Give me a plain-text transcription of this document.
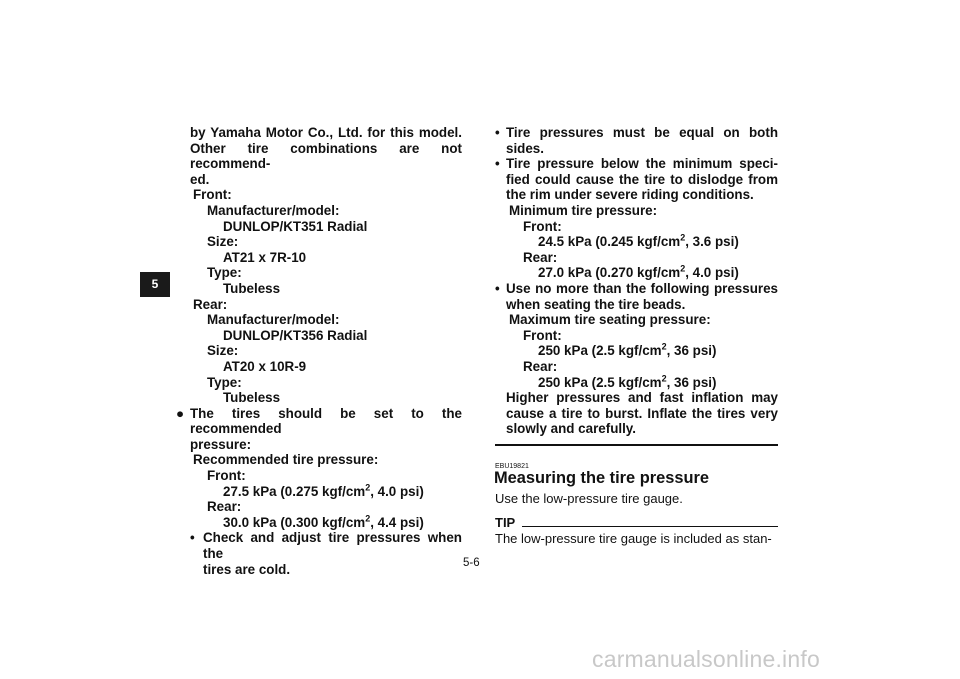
5
by Yamaha Motor Co., Ltd. for this model.
Other tire combinations are not recommend-
ed.
Front:
Manufacturer/model:
DUNLOP/KT351 Radial
Size:
AT21 x 7R-10
Type:
Tubeless
Rear:
Manufacturer/model:
DUNLOP/KT356 Radial
Size:
AT20 x 10R-9
Type:
Tubeless
● The tires should be set to the recommended
pressure:
Recommended tire pressure:
Front:
27.5 kPa (0.275 kgf/$cm^2$, 4.0 psi)
Rear:
30.0 kPa (0.300 kgf/$cm^2$, 4.4 psi)
• Check and adjust tire pressures when the
tires are cold.
• Tire pressures must be equal on both
sides.
• Tire pressure below the minimum speci-
fied could cause the tire to dislodge from
the rim under severe riding conditions.
Minimum tire pressure:
Front:
24.5 kPa (0.245 kgf/$cm^2$, 3.6 psi)
Rear:
27.0 kPa (0.270 kgf/$cm^2$, 4.0 psi)
• Use no more than the following pressures
when seating the tire beads.
Maximum tire seating pressure:
Front:
250 kPa (2.5 kgf/$cm^2$, 36 psi)
Rear:
250 kPa (2.5 kgf/$cm^2$, 36 psi)
Higher pressures and fast inflation may
cause a tire to burst. Inflate the tires very
slowly and carefully.
EBU19821
Measuring the tire pressure
Use the low-pressure tire gauge.
TIP
The low-pressure tire gauge is included as stan-
5-6
carmanualsonline.info
